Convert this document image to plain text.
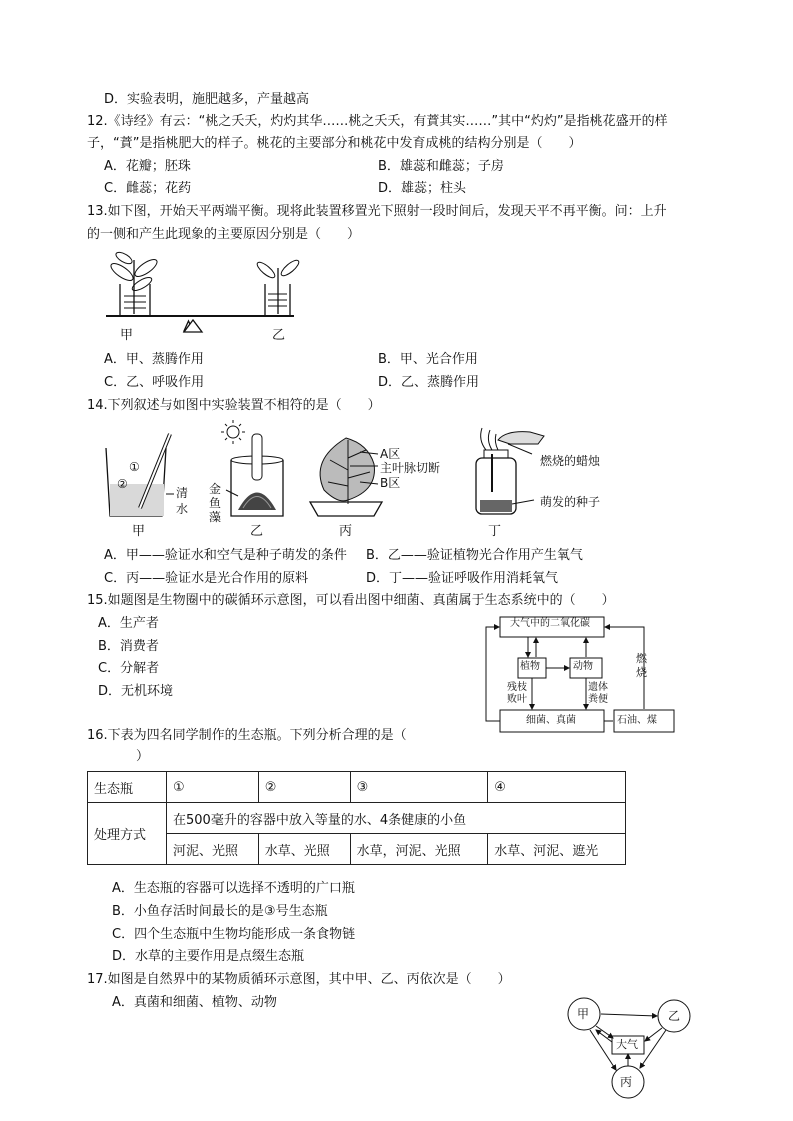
D．实验表明，施肥越多，产量越高
12.《诗经》有云：“桃之夭夭，灼灼其华……桃之夭夭，有蕡其实……”其中“灼灼”是指桃花盛开的样
子，“蕡”是指桃肥大的样子。桃花的主要部分和桃花中发育成桃的结构分别是（　　）
A．花瓣；胚珠	B．雄蕊和雌蕊；子房
C．雌蕊；花药	D．雄蕊；柱头
13.如下图，开始天平两端平衡。现将此装置移置光下照射一段时间后，发现天平不再平衡。问：上升
的一侧和产生此现象的主要原因分别是（　　）
甲	乙
A．甲、蒸腾作用	B．甲、光合作用
C．乙、呼吸作用	D．乙、蒸腾作用
14.下列叙述与如图中实验装置不相符的是（　　）
①
②
清
水
金
鱼
藻
A区
主叶脉切断
B区
燃烧的蜡烛
萌发的种子
甲	乙	丙	丁
A．甲——验证水和空气是种子萌发的条件 B．乙——验证植物光合作用产生氧气
C．丙——验证水是光合作用的原料	D．丁——验证呼吸作用消耗氧气
15.如题图是生物圈中的碳循环示意图，可以看出图中细菌、真菌属于生态系统中的（　　）
A．生产者
B．消费者
C．分解者
D．无机环境
大气中的二氧化碳
植物	动物
残枝
败叶
遗体
粪便
细菌、真菌	石油、煤
燃
烧
16.下表为四名同学制作的生态瓶。下列分析合理的是（
）
生态瓶	①	②	③	④
处理方式	在500毫升的容器中放入等量的水、4条健康的小鱼			
	河泥、光照	水草、光照	水草，河泥、光照	水草、河泥、遮光
A．生态瓶的容器可以选择不透明的广口瓶
B．小鱼存活时间最长的是③号生态瓶
C．四个生态瓶中生物均能形成一条食物链
D．水草的主要作用是点缀生态瓶
17.如图是自然界中的某物质循环示意图，其中甲、乙、丙依次是（　　）
A．真菌和细菌、植物、动物
甲	乙
丙
大气
